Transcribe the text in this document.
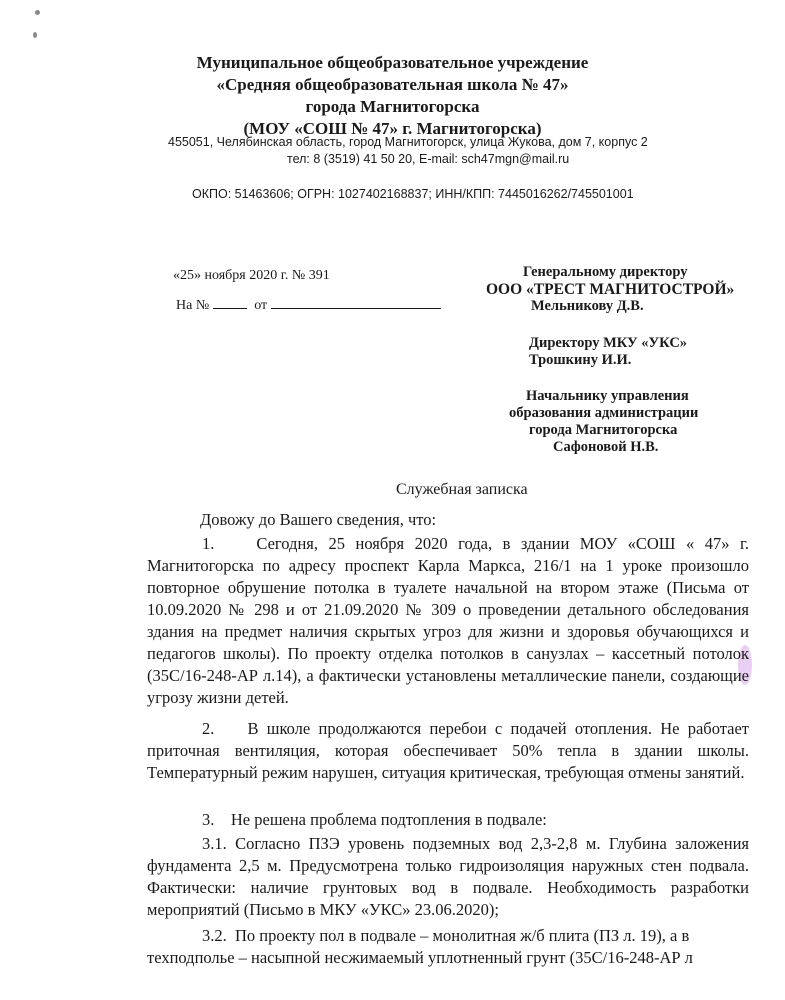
Муниципальное общеобразовательное учреждение
«Средняя общеобразовательная школа № 47»
города Магнитогорска
(МОУ «СОШ № 47» г. Магнитогорска)
455051, Челябинская область, город Магнитогорск, улица Жукова, дом 7, корпус 2
тел: 8 (3519) 41 50 20, E-mail: sch47mgn@mail.ru
ОКПО: 51463606; ОГРН: 1027402168837; ИНН/КПП: 7445016262/745501001
«25» ноября 2020 г. № 391
На №	от
Генеральному директору
ООО «ТРЕСТ МАГНИТОСТРОЙ»
Мельникову Д.В.
Директору МКУ «УКС»
Трошкину И.И.
Начальнику управления
образования администрации
города Магнитогорска
Сафоновой Н.В.
Служебная записка
Довожу до Вашего сведения, что:
1.    Сегодня, 25 ноября 2020 года, в здании МОУ «СОШ « 47» г. Магнитогорска по адресу проспект Карла Маркса, 216/1 на 1 уроке произошло повторное обрушение потолка в туалете начальной на втором этаже (Письма от 10.09.2020 № 298 и от 21.09.2020 № 309 о проведении детального обследования здания на предмет наличия скрытых угроз для жизни и здоровья обучающихся и педагогов школы). По проекту отделка потолков в санузлах – кассетный потолок (35С/16-248-АР л.14), а фактически установлены металлические панели, создающие угрозу жизни детей.
2.    В школе продолжаются перебои с подачей отопления. Не работает приточная вентиляция, которая обеспечивает 50% тепла в здании школы. Температурный режим нарушен, ситуация критическая, требующая отмены занятий.
3.    Не решена проблема подтопления в подвале:
3.1. Согласно ПЗЭ уровень подземных вод 2,3-2,8 м. Глубина заложения фундамента 2,5 м. Предусмотрена только гидроизоляция наружных стен подвала. Фактически: наличие грунтовых вод в подвале. Необходимость разработки мероприятий (Письмо в МКУ «УКС» 23.06.2020);
3.2.  По проекту пол в подвале – монолитная ж/б плита (ПЗ л. 19), а в техподполье – насыпной несжимаемый уплотненный грунт (35С/16-248-АР л
